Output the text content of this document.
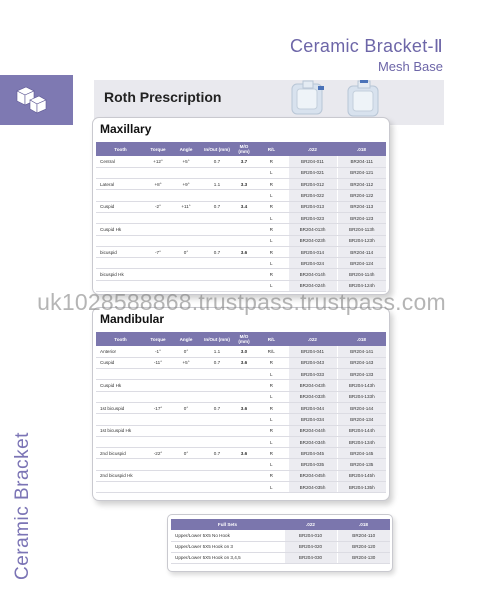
Ceramic Bracket-Ⅱ
Mesh Base
Ceramic Bracket
Roth Prescription
Maxillary
Tooth	Torque	Angle	In/Out (mm)	M/O (mm)	R/L	.022	.018
Central	+12°	+5°	0.7	3.7	R	BR204-011	BR204-111
					L	BR204-021	BR204-121
Lateral	+8°	+9°	1.1	3.3	R	BR204-012	BR204-112
					L	BR204-022	BR204-122
Cuspid	-2°	+11°	0.7	3.4	R	BR204-013	BR204-113
					L	BR204-023	BR204-123
Cuspid Hk					R	BR204-013h	BR204-113h
					L	BR204-023h	BR204-123h
bicuspid	-7°	0°	0.7	3.6	R	BR204-014	BR204-114
					L	BR204-024	BR204-124
bicuspid Hk					R	BR204-014h	BR204-114h
					L	BR204-024h	BR204-124h
Mandibular
Tooth	Torque	Angle	In/Out (mm)	M/O (mm)	R/L	.022	.018
Anterior	-1°	0°	1.1	3.0	R/L	BR204-041	BR204-141
Cuspid	-11°	+5°	0.7	3.6	R	BR204-043	BR204-143
					L	BR204-033	BR204-133
Cuspid Hk					R	BR204-043h	BR204-143h
					L	BR204-033h	BR204-133h
1st bicuspid	-17°	0°	0.7	3.6	R	BR204-044	BR204-144
					L	BR204-034	BR204-134
1st bicuspid Hk					R	BR204-044h	BR204-144h
					L	BR204-034h	BR204-134h
2nd bicuspid	-22°	0°	0.7	3.6	R	BR204-045	BR204-145
					L	BR204-035	BR204-135
2nd bicuspid Hk					R	BR204-045h	BR204-145h
					L	BR204-035h	BR204-135h
Full Sets	.022	.018
Upper/Lower 5X5 No Hook	BR204-010	BR204-110
Upper/Lower 5X5 Hook on 3	BR204-020	BR204-120
Upper/Lower 5X5 Hook on 3,4,5	BR204-030	BR204-130
uk1028588868.trustpass.trustpass.com
